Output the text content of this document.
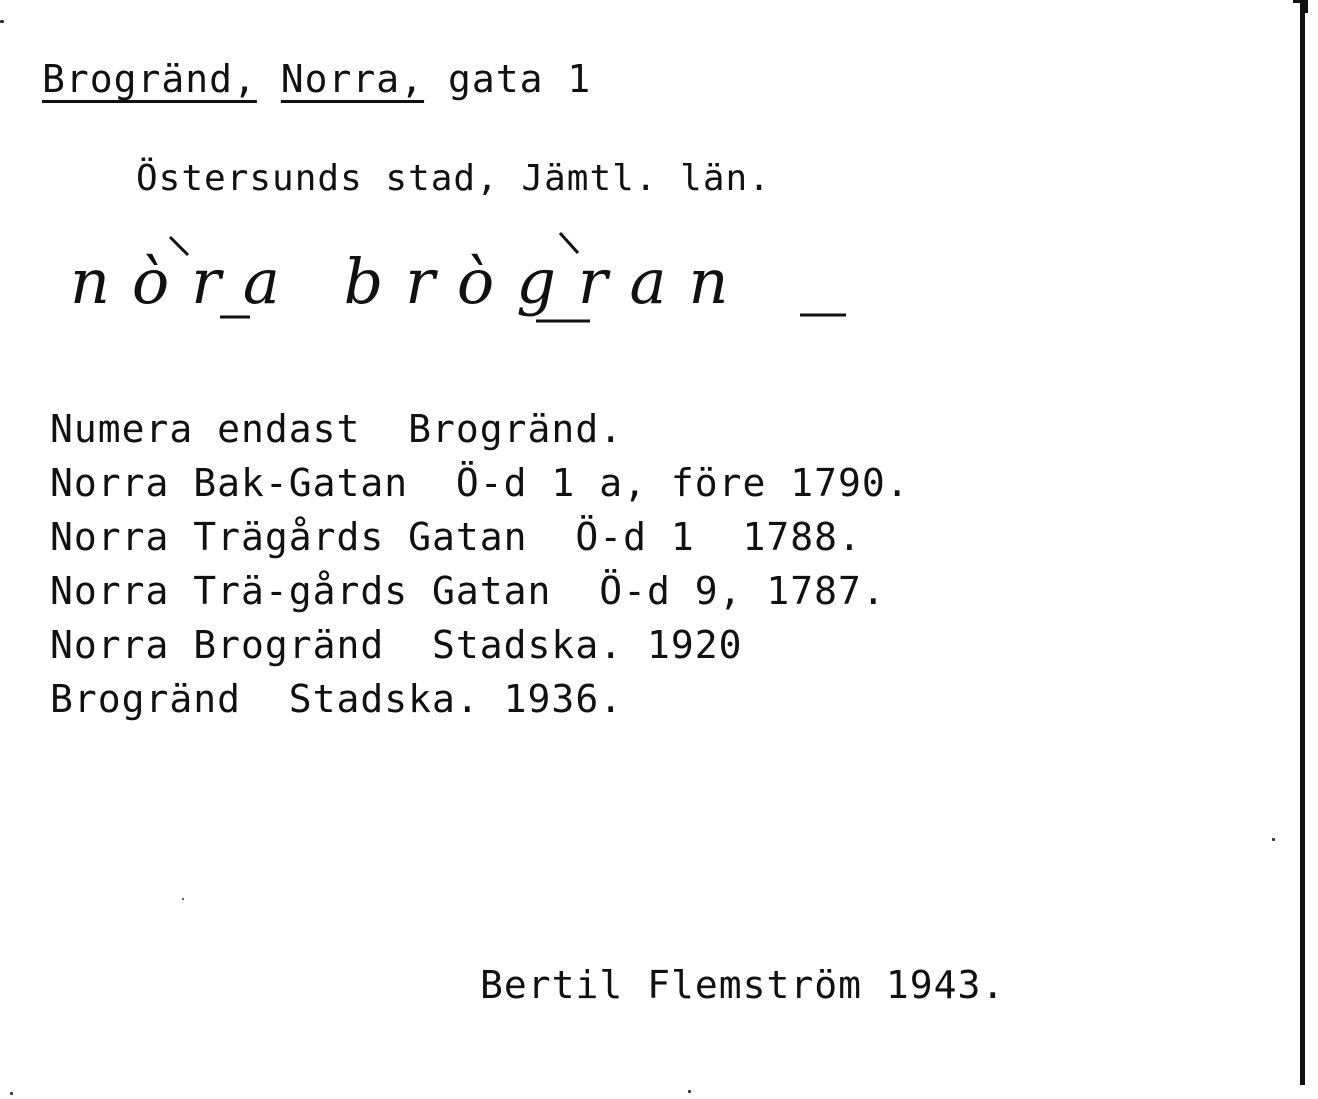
Brogränd, Norra, gata 1
Östersunds stad, Jämtl. län.
nòra brògran
Numera endast  Brogränd.
Norra Bak-Gatan  Ö-d 1 a, före 1790.
Norra Trägårds Gatan  Ö-d 1  1788.
Norra Trä-gårds Gatan  Ö-d 9, 1787.
Norra Brogränd  Stadska. 1920
Brogränd  Stadska. 1936.
Bertil Flemström 1943.
